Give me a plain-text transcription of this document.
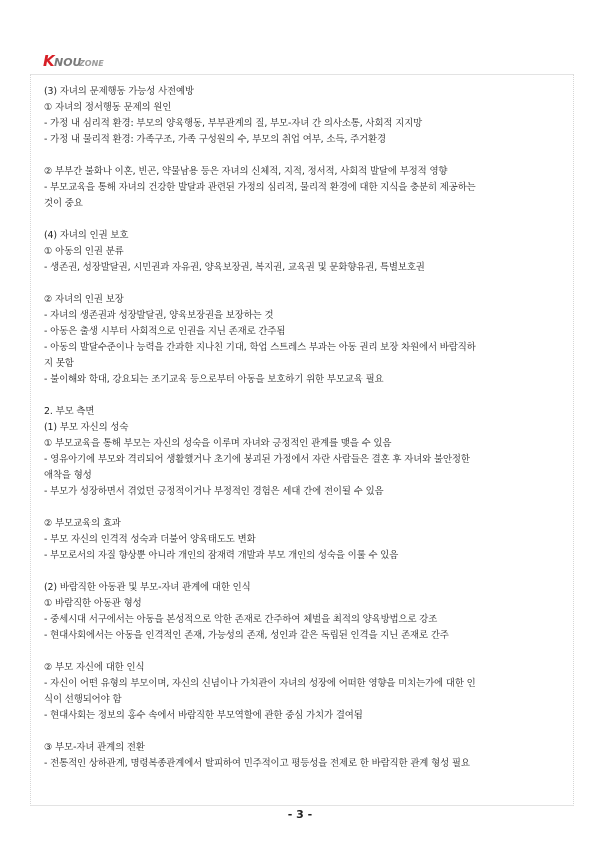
K NOU
ZONE

(3) 자녀의 문제행동 가능성 사전예방

① 자녀의 정서행동 문제의 원인

- 가정 내 심리적 환경: 부모의 양육행동, 부부관계의 질, 부모-자녀 간 의사소통, 사회적 지지망

- 가정 내 물리적 환경: 가족구조, 가족 구성원의 수, 부모의 취업 여부, 소득, 주거환경

② 부부간 불화나 이혼, 빈곤, 약물남용 등은 자녀의 신체적, 지적, 정서적, 사회적 발달에 부정적 영향

- 부모교육을 통해 자녀의 건강한 발달과 관련된 가정의 심리적, 물리적 환경에 대한 지식을 충분히 제공하는

것이 중요

(4) 자녀의 인권 보호

① 아동의 인권 분류

- 생존권, 성장발달권, 시민권과 자유권, 양육보장권, 복지권, 교육권 및 문화향유권, 특별보호권

② 자녀의 인권 보장

- 자녀의 생존권과 성장발달권, 양육보장권을 보장하는 것

- 아동은 출생 시부터 사회적으로 인권을 지닌 존재로 간주됨

- 아동의 발달수준이나 능력을 간과한 지나친 기대, 학업 스트레스 부과는 아동 권리 보장 차원에서 바람직하

지 못함

- 불이해와 학대, 강요되는 조기교육 등으로부터 아동을 보호하기 위한 부모교육 필요

2. 부모 측면

(1) 부모 자신의 성숙

① 부모교육을 통해 부모는 자신의 성숙을 이루며 자녀와 긍정적인 관계를 맺을 수 있음

- 영유아기에 부모와 격리되어 생활했거나 초기에 붕괴된 가정에서 자란 사람들은 결혼 후 자녀와 불안정한

애착을 형성

- 부모가 성장하면서 겪었던 긍정적이거나 부정적인 경험은 세대 간에 전이될 수 있음

② 부모교육의 효과

- 부모 자신의 인격적 성숙과 더불어 양육태도도 변화

- 부모로서의 자질 향상뿐 아니라 개인의 잠재력 개발과 부모 개인의 성숙을 이룰 수 있음

(2) 바람직한 아동관 및 부모-자녀 관계에 대한 인식

① 바람직한 아동관 형성

- 중세시대 서구에서는 아동을 본성적으로 악한 존재로 간주하여 체벌을 최적의 양육방법으로 강조

- 현대사회에서는 아동을 인격적인 존재, 가능성의 존재, 성인과 같은 독립된 인격을 지닌 존재로 간주

② 부모 자신에 대한 인식

- 자신이 어떤 유형의 부모이며, 자신의 신념이나 가치관이 자녀의 성장에 어떠한 영향을 미치는가에 대한 인

식이 선행되어야 함

- 현대사회는 정보의 홍수 속에서 바람직한 부모역할에 관한 중심 가치가 결여됨

③ 부모-자녀 관계의 전환

- 전통적인 상하관계, 명령복종관계에서 탈피하여 민주적이고 평등성을 전제로 한 바람직한 관계 형성 필요

- 3 -
